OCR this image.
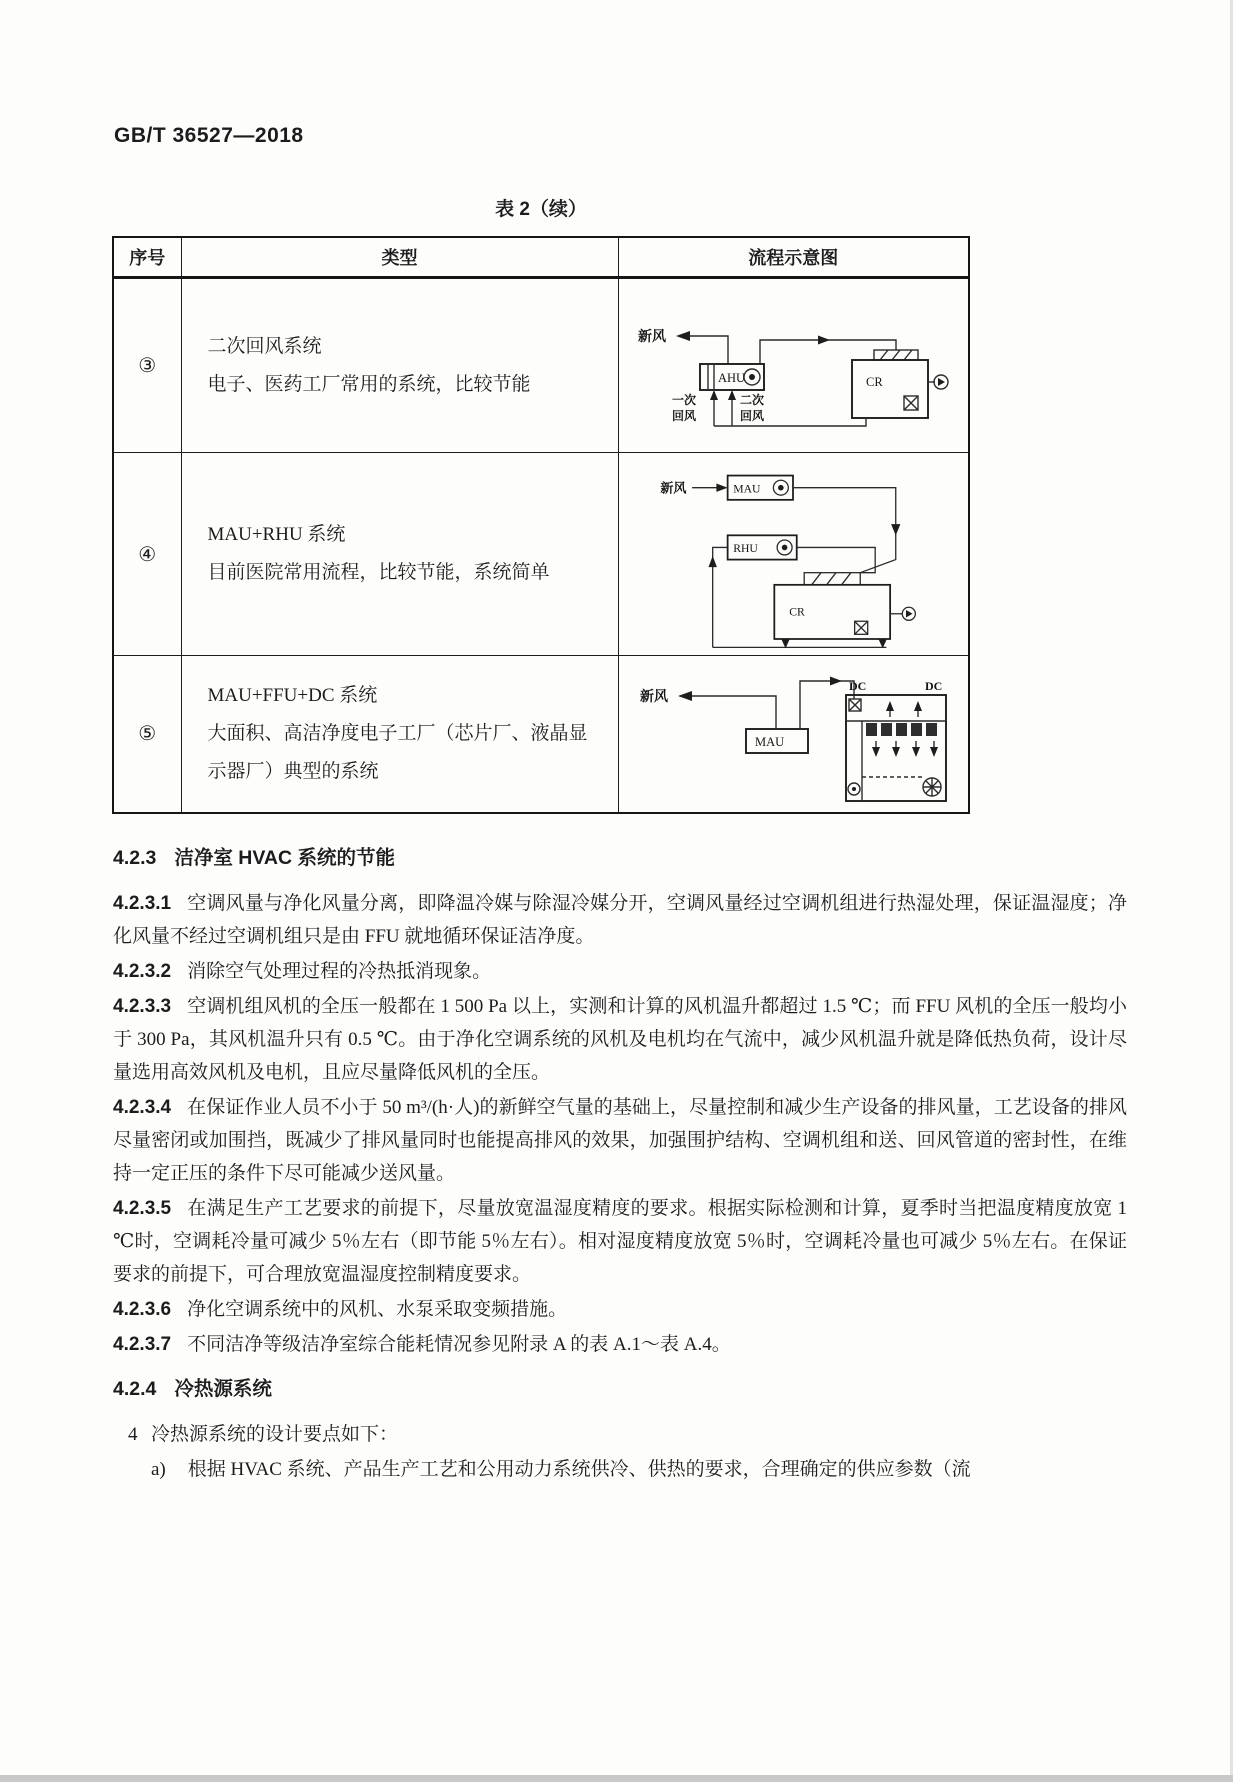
GB/T 36527—2018
表 2（续）
序号	类型	流程示意图
③	
二次回风系统
电子、医药工厂常用的系统，比较节能

新风
AHU	CR
一次
回风
二次
回风

④	
MAU+RHU 系统
目前医院常用流程，比较节能，系统简单

新风	MAU
RHU
CR

⑤	
MAU+FFU+DC 系统
大面积、高洁净度电子工厂（芯片厂、液晶显示器厂）典型的系统

新风
MAU
DC	DC

4.2.3 洁净室 HVAC 系统的节能

4.2.3.1 空调风量与净化风量分离，即降温冷媒与除湿冷媒分开，空调风量经过空调机组进行热湿处理，保证温湿度；净化风量不经过空调机组只是由 FFU 就地循环保证洁净度。

4.2.3.2 消除空气处理过程的冷热抵消现象。

4.2.3.3 空调机组风机的全压一般都在 1 500 Pa 以上，实测和计算的风机温升都超过 1.5 ℃；而 FFU 风机的全压一般均小于 300 Pa，其风机温升只有 0.5 ℃。由于净化空调系统的风机及电机均在气流中，减少风机温升就是降低热负荷，设计尽量选用高效风机及电机，且应尽量降低风机的全压。

4.2.3.4 在保证作业人员不小于 50 m³/(h·人)的新鲜空气量的基础上，尽量控制和减少生产设备的排风量，工艺设备的排风尽量密闭或加围挡，既减少了排风量同时也能提高排风的效果，加强围护结构、空调机组和送、回风管道的密封性，在维持一定正压的条件下尽可能减少送风量。

4.2.3.5 在满足生产工艺要求的前提下，尽量放宽温湿度精度的要求。根据实际检测和计算，夏季时当把温度精度放宽 1 ℃时，空调耗冷量可减少 5％左右（即节能 5％左右）。相对湿度精度放宽 5％时，空调耗冷量也可减少 5％左右。在保证要求的前提下，可合理放宽温湿度控制精度要求。

4.2.3.6 净化空调系统中的风机、水泵采取变频措施。

4.2.3.7 不同洁净等级洁净室综合能耗情况参见附录 A 的表 A.1～表 A.4。

4.2.4 冷热源系统

冷热源系统的设计要点如下：

a) 根据 HVAC 系统、产品生产工艺和公用动力系统供冷、供热的要求，合理确定的供应参数（流

4
